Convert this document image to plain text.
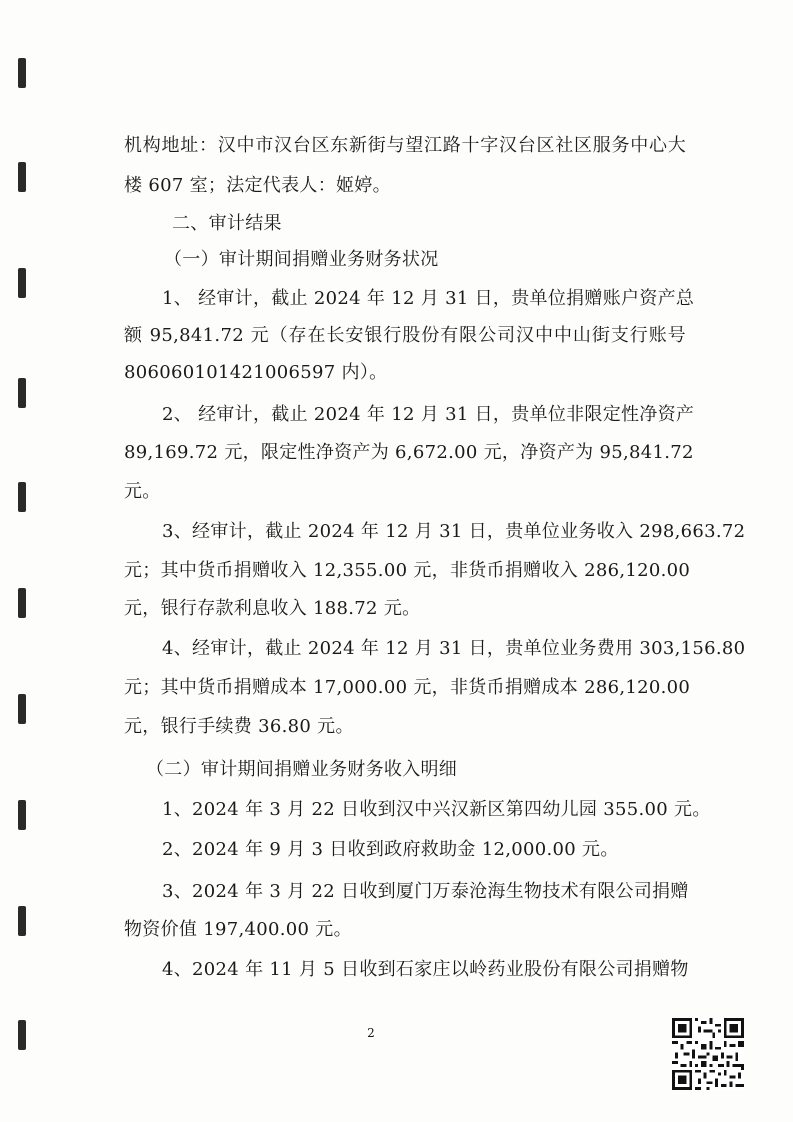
机构地址：汉中市汉台区东新街与望江路十字汉台区社区服务中心大
楼 607 室；法定代表人：姬婷。
二、审计结果
（一）审计期间捐赠业务财务状况
1、 经审计，截止 2024 年 12 月 31 日，贵单位捐赠账户资产总
额 95,841.72 元（存在长安银行股份有限公司汉中中山街支行账号
806060101421006597 内）。
2、 经审计，截止 2024 年 12 月 31 日，贵单位非限定性净资产
89,169.72 元，限定性净资产为 6,672.00 元，净资产为 95,841.72
元。
3、经审计，截止 2024 年 12 月 31 日，贵单位业务收入 298,663.72
元；其中货币捐赠收入 12,355.00 元，非货币捐赠收入 286,120.00
元，银行存款利息收入 188.72 元。
4、经审计，截止 2024 年 12 月 31 日，贵单位业务费用 303,156.80
元；其中货币捐赠成本 17,000.00 元，非货币捐赠成本 286,120.00
元，银行手续费 36.80 元。
（二）审计期间捐赠业务财务收入明细
1、2024 年 3 月 22 日收到汉中兴汉新区第四幼儿园 355.00 元。
2、2024 年 9 月 3 日收到政府救助金 12,000.00 元。
3、2024 年 3 月 22 日收到厦门万泰沧海生物技术有限公司捐赠
物资价值 197,400.00 元。
4、2024 年 11 月 5 日收到石家庄以岭药业股份有限公司捐赠物
2
